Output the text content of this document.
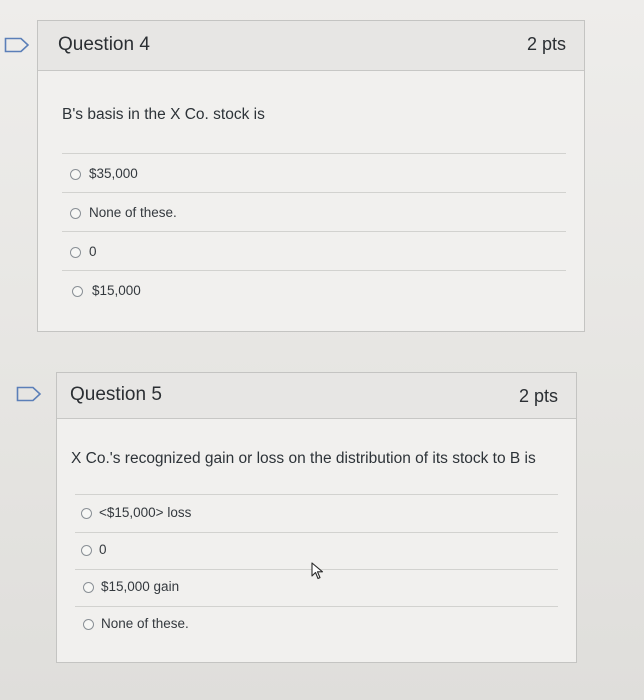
Question 4	2 pts
B's basis in the X Co. stock is
$35,000
None of these.
0
$15,000
Question 5	2 pts
X Co.'s recognized gain or loss on the distribution of its stock to B is
<$15,000> loss
0
$15,000 gain
None of these.
